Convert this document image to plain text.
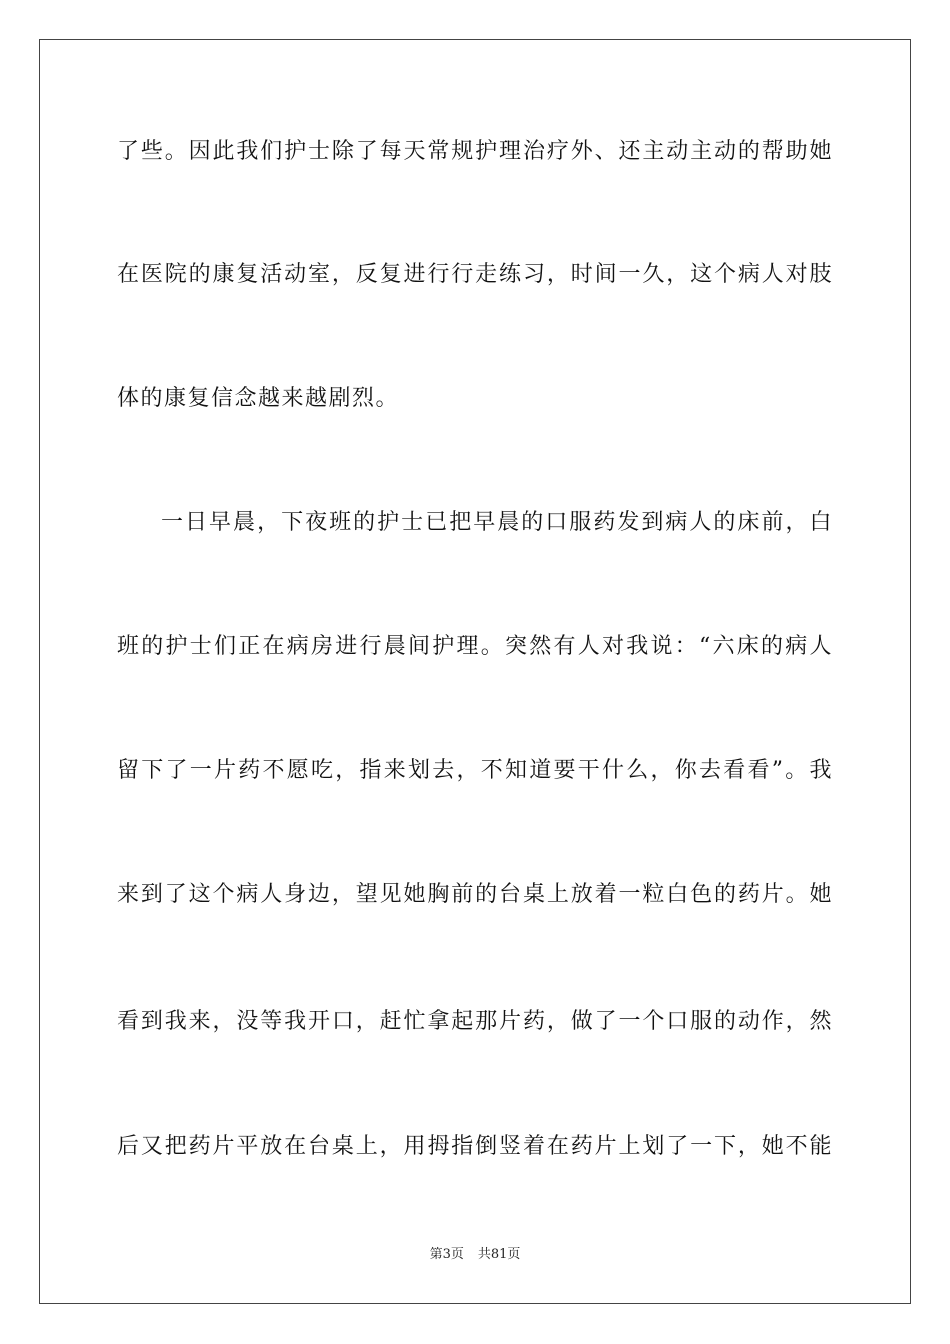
了些。因此我们护士除了每天常规护理治疗外、还主动主动的帮助她
在医院的康复活动室，反复进行行走练习，时间一久，这个病人对肢
体的康复信念越来越剧烈。
一日早晨，下夜班的护士已把早晨的口服药发到病人的床前，白
班的护士们正在病房进行晨间护理。突然有人对我说：“六床的病人
留下了一片药不愿吃，指来划去，不知道要干什么，你去看看”。我
来到了这个病人身边，望见她胸前的台桌上放着一粒白色的药片。她
看到我来，没等我开口，赶忙拿起那片药，做了一个口服的动作，然
后又把药片平放在台桌上，用拇指倒竖着在药片上划了一下，她不能
第3页 共81页
